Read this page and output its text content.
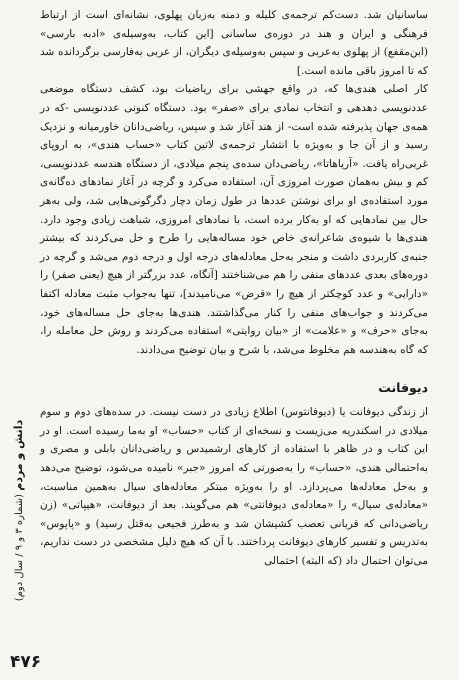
ساسانیان شد. دست‌کم ترجمه‌ی کلیله و دمنه به‌زبان پهلوی، نشانه‌ای است از ارتباط فرهنگی و ایران و هند در دوره‌ی ساسانی [این کتاب، به‌وسیله‌ی «ادبه بارسی» (ابن‌مقفع) از پهلوی به‌عربی و سپس به‌وسیله‌ی دیگران، از عربی به‌فارسی برگردانده شد که تا امروز باقی مانده است.]

کار اصلی هندی‌ها که، در واقع جهشی برای ریاضیات بود، کشف دستگاه موضعی عددنویسی دهدهی و انتخاب نمادی برای «صفر» بود. دستگاه کنونی عددنویسی -که در همه‌ی جهان پذیرفته شده است- از هند آغاز شد و سپس، ریاضی‌دانان خاورمیانه و نزدیک رسید و از آن جا و به‌ویژه با انتشار ترجمه‌ی لاتین کتاب «حساب هندی»، به اروپای غربی‌راه یافت. «آریاهاتا»، ریاضی‌دان سده‌ی پنجم میلادی، از دستگاه هندسه عددنویسی، کم و بیش به‌همان صورت امروزی آن، استفاده می‌کرد و گرچه در آغاز نمادهای ده‌گانه‌ی مورد استفاده‌ی او برای نوشتن عددها در طول زمان دچار دگرگونی‌هایی شد، ولی به‌هر حال بین نمادهایی که او به‌کار برده است، با نمادهای امروزی، شباهت زیادی وجود دارد. هندی‌ها با شیوه‌ی شاعرانه‌ی خاص خود مساله‌هایی را طرح و حل می‌کردند که بیشتر جنبه‌ی کاربردی داشت و منجر به‌حل معادله‌های درجه اول و درجه دوم می‌شد و گرچه در دوره‌های بعدی عددهای منفی را هم می‌شناختند [آنگاه، عدد بزرگتر از هیچ (یعنی صفر) را «دارایی» و عدد کوچکتر از هیچ را «قرض» می‌نامیدند]، تنها به‌جواب مثبت معادله اکتفا می‌کردند و جواب‌های منفی را کنار می‌گذاشتند. هندی‌ها به‌جای حل مساله‌های خود، به‌جای «حرف» و «علامت» از «بیان روایتی» استفاده می‌کردند و روش حل معامله را، که گاه به‌هندسه هم مخلوط می‌شد، با شرح و بیان توضیح می‌دادند.

دیوفانت

از زندگی دیوفانت یا (دیوفانتوس) اطلاع زیادی در دست نیست. در سده‌های دوم و سوم میلادی در اسکندریه می‌زیست و نسخه‌ای از کتاب «حساب» او به‌ما رسیده است. او در این کتاب و در ظاهر با استفاده از کارهای ارشمیدس و ریاضی‌دانان بابلی و مصری و به‌احتمالی هندی، «حساب» را به‌صورتی که امروز «جبر» نامیده می‌شود، توضیح می‌دهد و به‌حل معادله‌ها می‌پردازد. او را به‌ویژه مبتکر معادله‌های سیال به‌همین مناسبت، «معادله‌ی سیال» را «معادله‌ی دیوفانتی» هم می‌گویند. بعد از دیوفانت، «هیپاتی» (زن ریاضی‌دانی که قربانی تعصب کشیشان شد و به‌طرز فجیعی به‌قتل رسید) و «پاپوس» به‌تدریس و تفسیر کارهای دیوفانت پرداختند. با آن که هیچ دلیل مشخصی در دست نداریم، می‌توان احتمال داد (که البته) احتمالی

دانش و مردم (شماره ۳ و ۹ / سال دوم)
۴۷۶
